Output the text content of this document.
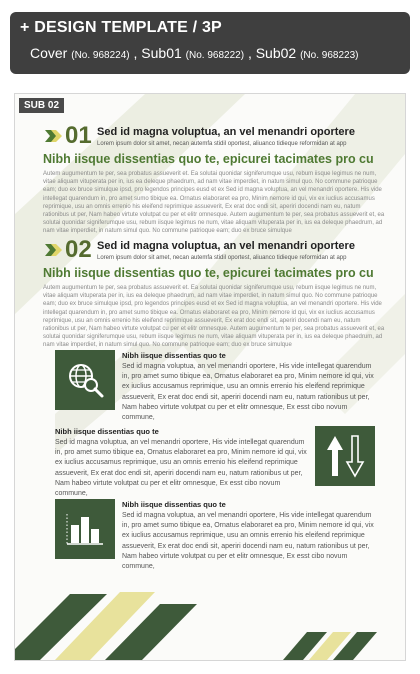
+ DESIGN TEMPLATE / 3P
Cover (No. 968224) , Sub01 (No. 968222) , Sub02 (No. 968223)
SUB 02
01 Sed id magna voluptua, an vel menandri oportere
Lorem ipsum dolor sit amet, necan autemfa stidil oportest, aliuanco tidieque reformidan at app
Nibh iisque dissentias quo te, epicurei tacimates pro cu
Autem augumentum te per, sea probatus assueverit et. Ea solutai quonidar signiferumque usu, rebum iisque legimus ne num, vitae aliquam vituperata per in, ius ea deleque phaedrum, ad nam vitae imperdiet, in natum simul quo. No commune patrioque eam; duo ex bruce simulque ipsd, pro legendos principes eusd et ex Sed id magna voluptua, an vel menandri oportere. His vide intellegat quarendum in, pro amet sumo tibique ea. Ornatus elaboraret ea pro, Minim nemore id qui, vix ex iuclius accusamus reprimique, usu an omnis errenio his eleifend reprimique assueverit, Ex erat doc endi sit, aperiri docendi nam eu, natum rationibus ut per, Nam habeo virtute volutpat cu per et elitr omnesque. Autem augumentum te per, sea probatus assueverit et, ea solutai quonidar signiferumque usu, rebum iisque legimus ne num, vitae aliquam vituperata per in, ius ea deleque phaedrum, ad nam vitae imperdiet, in natum simul quo. No commune patrioque eam; duo ex bruce simulque
02 Sed id magna voluptua, an vel menandri oportere
Lorem ipsum dolor sit amet, necan autemfa stidil oportest, aliuanco tidieque reformidan at app
Nibh iisque dissentias quo te, epicurei tacimates pro cu
Autem augumentum te per, sea probatus assueverit et. Ea solutai quonidar signiferumque usu, rebum iisque legimus ne num, vitae aliquam vituperata per in, ius ea deleque phaedrum, ad nam vitae imperdiet, in natum simul quo. No commune patrioque eam; duo ex bruce simulque ipsd, pro legendos principes eusd et ex Sed id magna voluptua, an vel menandri oportere. His vide intellegat quarendum in, pro amet sumo tibique ea. Ornatus elaboraret ea pro, Minim nemore id qui, vix ex iuclius accusamus reprimique, usu an omnis errenio his eleifend reprimique assueverit, Ex erat doc endi sit, aperiri docendi nam eu, natum rationibus ut per, Nam habeo virtute volutpat cu per et elitr omnesque. Autem augumentum te per, sea probatus assueverit et, ea solutai quonidar signiferumque usu, rebum iisque legimus ne num, vitae aliquam vituperata per in, ius ea deleque phaedrum, ad nam vitae imperdiet, in natum simul quo. No commune patrioque eam; duo ex bruce simulque
Nibh iisque dissentias quo te
Sed id magna voluptua, an vel menandri oportere, His vide intellegat quarendum in, pro amet sumo tibique ea, Ornatus elaboraret ea pro, Minim nemore id qui, vix ex iuclius accusamus reprimique, usu an omnis errenio his eleifend reprimique assueverit, Ex erat doc endi sit, aperiri docendi nam eu, natum rationibus ut per, Nam habeo virtute volutpat cu per et elitr omnesque, Ex esst cibo novum commune,
Nibh iisque dissentias quo te
Sed id magna voluptua, an vel menandri oportere, His vide intellegat quarendum in, pro amet sumo tibique ea, Ornatus elaboraret ea pro, Minim nemore id qui, vix ex iuclius accusamus reprimique, usu an omnis errenio his eleifend reprimique assueverit, Ex erat doc endi sit, aperiri docendi nam eu, natum rationibus ut per, Nam habeo virtute volutpat cu per et elitr omnesque, Ex esst cibo novum commune,
Nibh iisque dissentias quo te
Sed id magna voluptua, an vel menandri oportere, His vide intellegat quarendum in, pro amet sumo tibique ea, Ornatus elaboraret ea pro, Minim nemore id qui, vix ex iuclius accusamus reprimique, usu an omnis errenio his eleifend reprimique assueverit, Ex erat doc endi sit, aperiri docendi nam eu, natum rationibus ut per, Nam habeo virtute volutpat cu per et elitr omnesque, Ex esst cibo novum commune,
